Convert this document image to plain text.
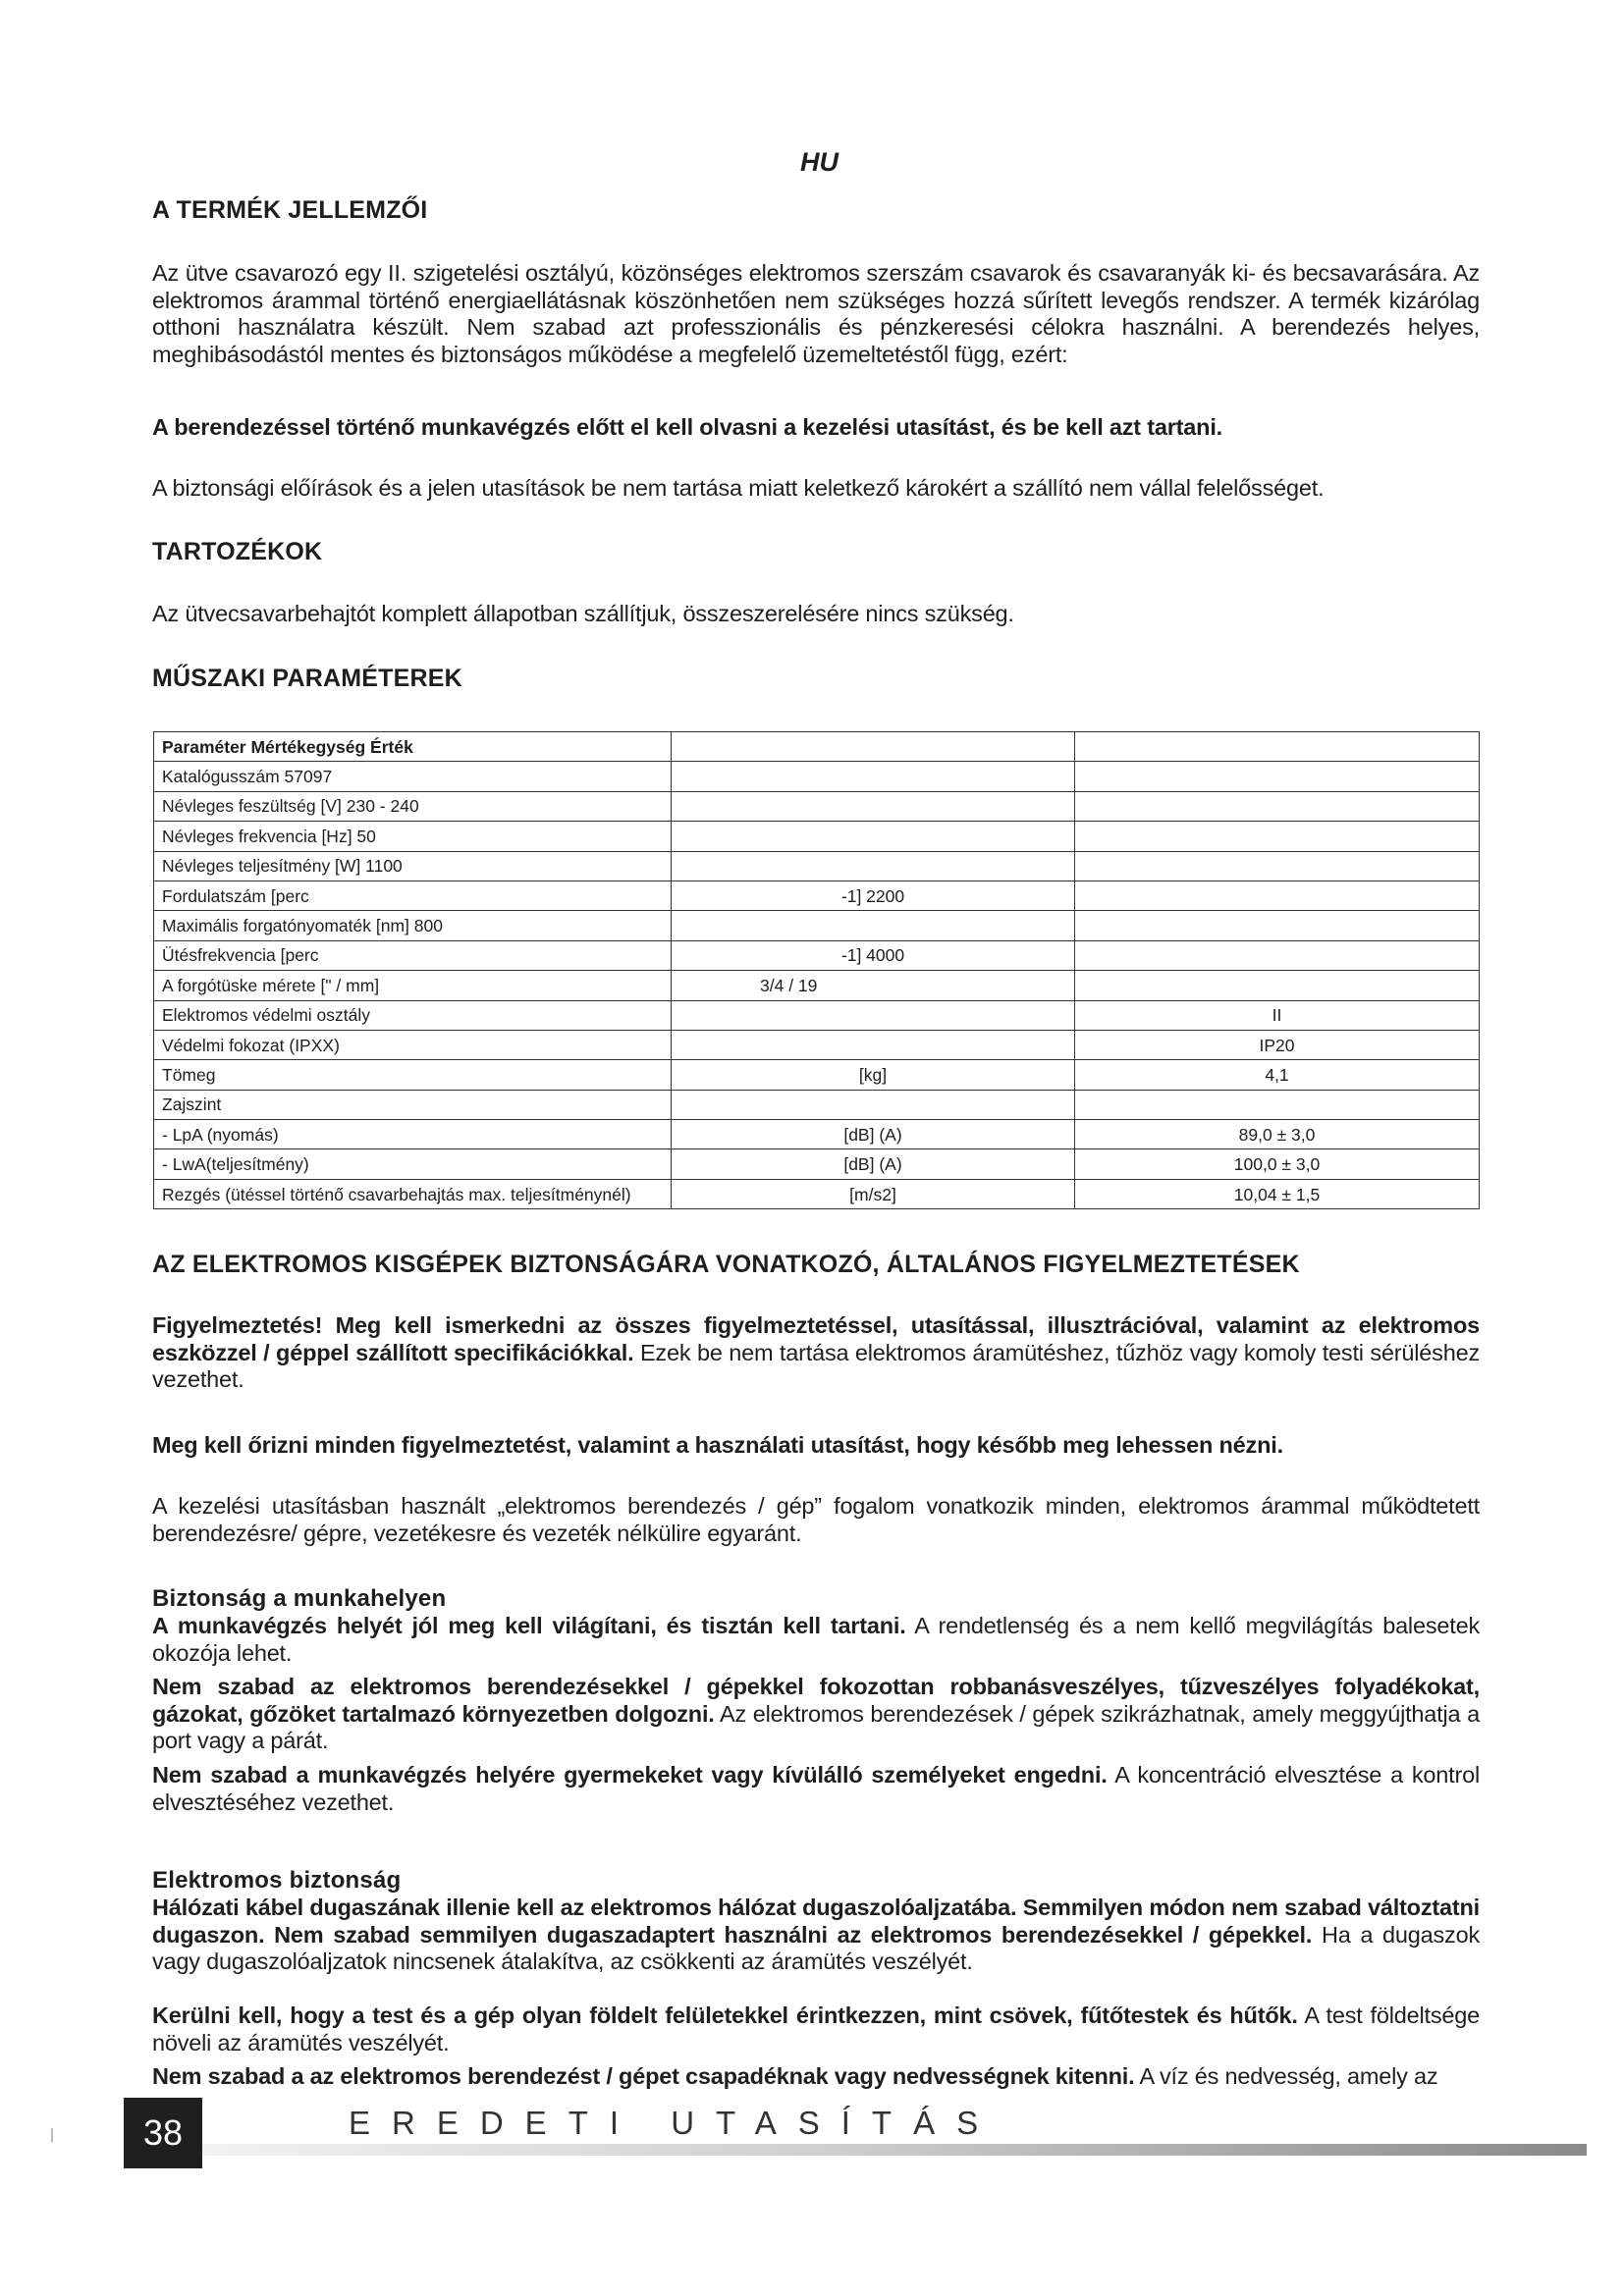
HU
A TERMÉK JELLEMZŐI
Az ütve csavarozó egy II. szigetelési osztályú, közönséges elektromos szerszám csavarok és csavaranyák ki- és becsavarására. Az elektromos árammal történő energiaellátásnak köszönhetően nem szükséges hozzá sűrített levegős rendszer. A termék kizárólag otthoni használatra készült. Nem szabad azt professzionális és pénzkeresési célokra használni. A berendezés helyes, meghibásodástól mentes és biztonságos működése a megfelelő üzemeltetéstől függ, ezért:
A berendezéssel történő munkavégzés előtt el kell olvasni a kezelési utasítást, és be kell azt tartani.
A biztonsági előírások és a jelen utasítások be nem tartása miatt keletkező károkért a szállító nem vállal felelősséget.
TARTOZÉKOK
Az ütvecsavarbehajtót komplett állapotban szállítjuk, összeszerelésére nincs szükség.
MŰSZAKI PARAMÉTEREK
Paraméter Mértékegység Érték		
Katalógusszám 57097		
Névleges feszültség [V] 230 - 240		
Névleges frekvencia [Hz] 50		
Névleges teljesítmény [W] 1100		
Fordulatszám [perc	-1] 2200	
Maximális forgatónyomaték [nm] 800		
Ütésfrekvencia [perc	-1] 4000	
A forgótüske mérete [" / mm]	3/4 / 19	
Elektromos védelmi osztály		II
Védelmi fokozat (IPXX)		IP20
Tömeg	[kg]	4,1
Zajszint		
- LpA (nyomás)	[dB] (A)	89,0 ± 3,0
- LwA(teljesítmény)	[dB] (A)	100,0 ± 3,0
Rezgés (ütéssel történő csavarbehajtás max. teljesítménynél)	[m/s2]	10,04 ± 1,5
AZ ELEKTROMOS KISGÉPEK BIZTONSÁGÁRA VONATKOZÓ, ÁLTALÁNOS FIGYELMEZTETÉSEK
Figyelmeztetés! Meg kell ismerkedni az összes figyelmeztetéssel, utasítással, illusztrációval, valamint az elektromos eszközzel / géppel szállított specifikációkkal. Ezek be nem tartása elektromos áramütéshez, tűzhöz vagy komoly testi sérüléshez vezethet.
Meg kell őrizni minden figyelmeztetést, valamint a használati utasítást, hogy később meg lehessen nézni.
A kezelési utasításban használt „elektromos berendezés / gép” fogalom vonatkozik minden, elektromos árammal működtetett berendezésre/ gépre, vezetékesre és vezeték nélkülire egyaránt.
Biztonság a munkahelyen
A munkavégzés helyét jól meg kell világítani, és tisztán kell tartani. A rendetlenség és a nem kellő megvilágítás balesetek okozója lehet.
Nem szabad az elektromos berendezésekkel / gépekkel fokozottan robbanásveszélyes, tűzveszélyes folyadékokat, gázokat, gőzöket tartalmazó környezetben dolgozni. Az elektromos berendezések / gépek szikrázhatnak, amely meggyújthatja a port vagy a párát.
Nem szabad a munkavégzés helyére gyermekeket vagy kívülálló személyeket engedni. A koncentráció elvesztése a kontrol elvesztéséhez vezethet.
Elektromos biztonság
Hálózati kábel dugaszának illenie kell az elektromos hálózat dugaszolóaljzatába. Semmilyen módon nem szabad változtatni dugaszon. Nem szabad semmilyen dugaszadaptert használni az elektromos berendezésekkel / gépekkel. Ha a dugaszok vagy dugaszolóaljzatok nincsenek átalakítva, az csökkenti az áramütés veszélyét.
Kerülni kell, hogy a test és a gép olyan földelt felületekkel érintkezzen, mint csövek, fűtőtestek és hűtők. A test földeltsége növeli az áramütés veszélyét.
Nem szabad a az elektromos berendezést / gépet csapadéknak vagy nedvességnek kitenni. A víz és nedvesség, amely az
38	EREDETI UTASÍTÁS
